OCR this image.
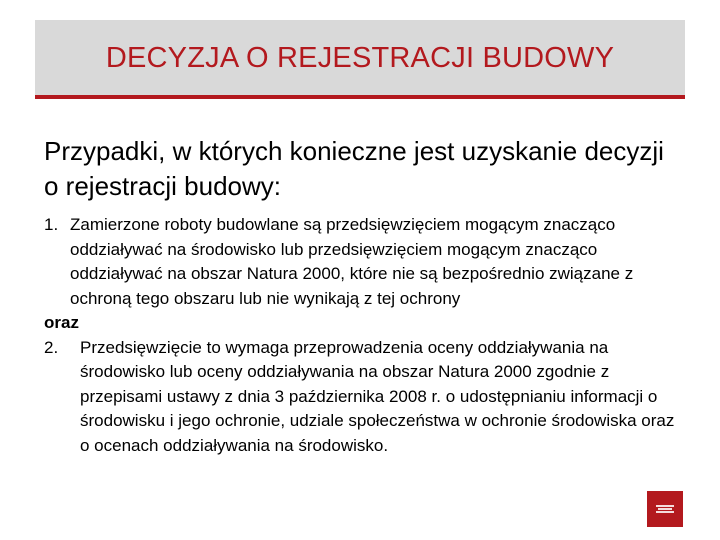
DECYZJA O REJESTRACJI BUDOWY
Przypadki, w których konieczne jest uzyskanie decyzji o rejestracji budowy:
1. Zamierzone roboty budowlane są przedsięwzięciem mogącym znacząco oddziaływać na środowisko lub przedsięwzięciem mogącym znacząco oddziaływać na obszar Natura 2000, które nie są bezpośrednio związane z ochroną tego obszaru lub nie wynikają z tej ochrony
oraz
2.	Przedsięwzięcie to wymaga przeprowadzenia oceny oddziaływania na środowisko lub oceny oddziaływania na obszar Natura 2000 zgodnie z przepisami ustawy z dnia 3 października 2008 r. o udostępnianiu informacji o środowisku i jego ochronie, udziale społeczeństwa w ochronie środowiska oraz o ocenach oddziaływania na środowisko.
